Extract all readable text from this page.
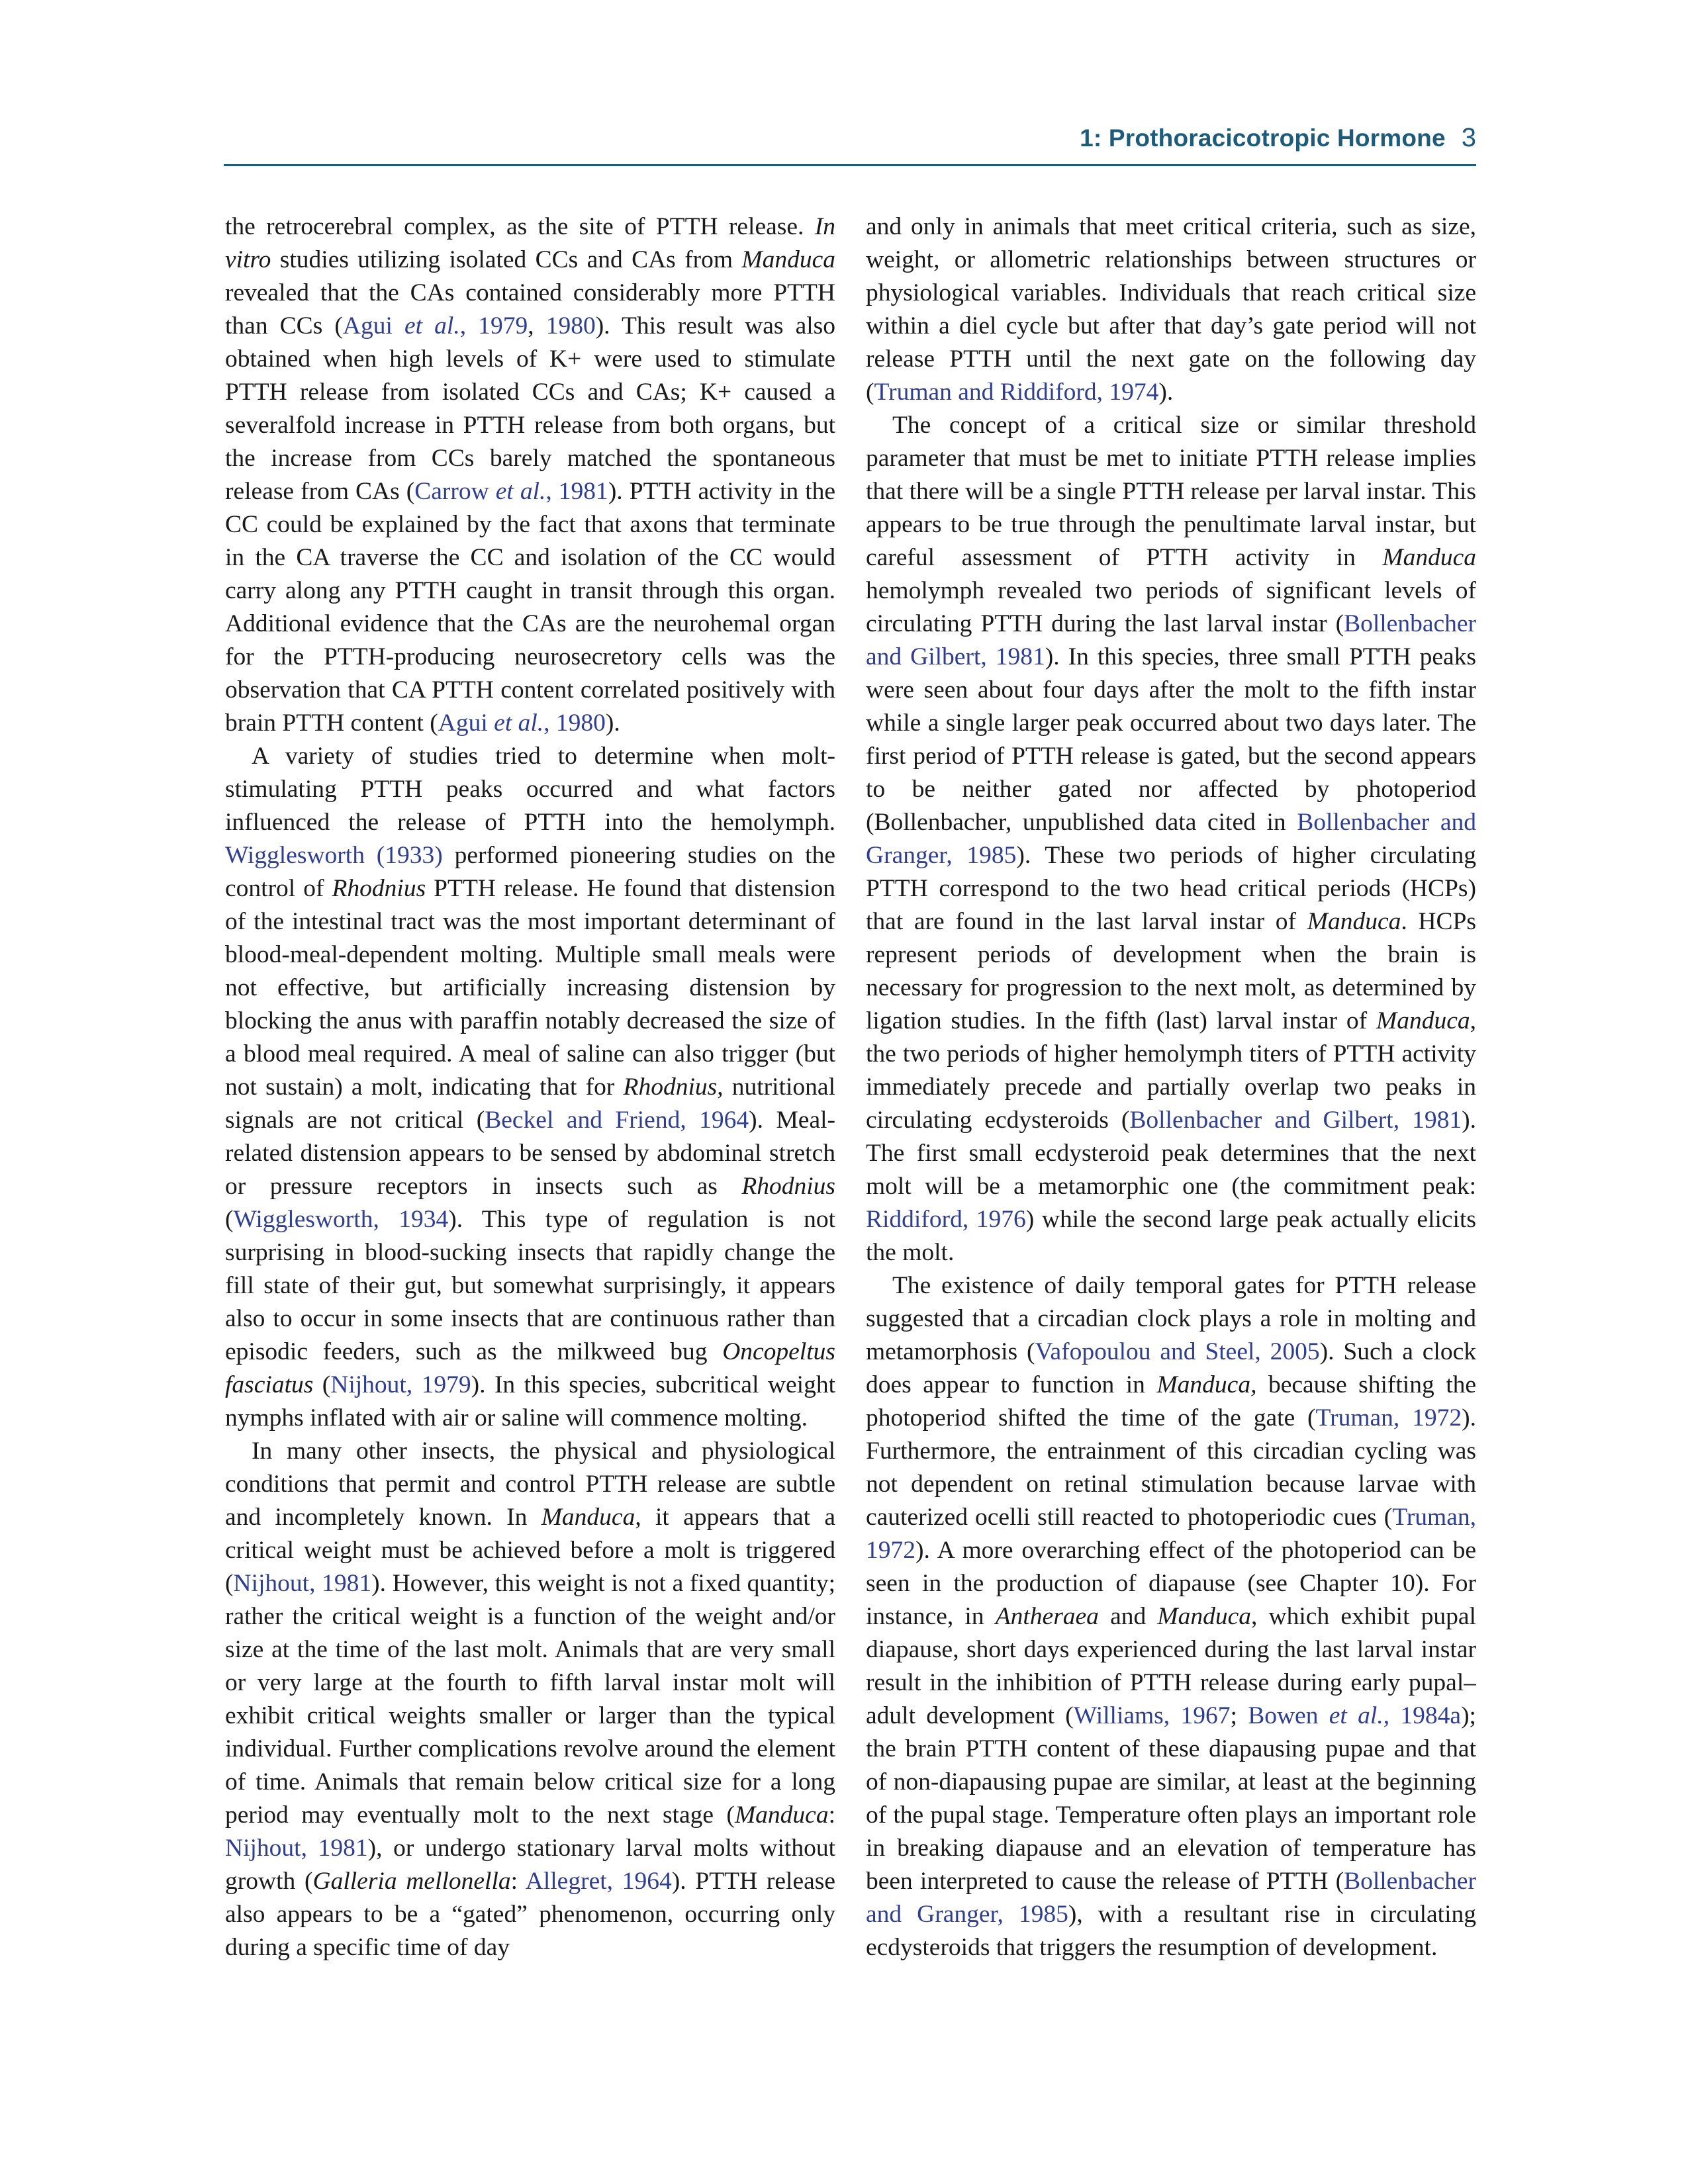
1: Prothoracicotropic Hormone 3

the retrocerebral complex, as the site of PTTH release. In vitro studies utilizing isolated CCs and CAs from Manduca revealed that the CAs contained considerably more PTTH than CCs (Agui et al., 1979, 1980). This result was also obtained when high levels of K+ were used to stimulate PTTH release from isolated CCs and CAs; K+ caused a severalfold increase in PTTH release from both organs, but the increase from CCs barely matched the spontaneous release from CAs (Carrow et al., 1981). PTTH activity in the CC could be explained by the fact that axons that terminate in the CA traverse the CC and isolation of the CC would carry along any PTTH caught in transit through this organ. Additional evidence that the CAs are the neurohemal organ for the PTTH-producing neurosecretory cells was the observation that CA PTTH content correlated positively with brain PTTH content (Agui et al., 1980).

A variety of studies tried to determine when molt-stimulating PTTH peaks occurred and what factors influenced the release of PTTH into the hemolymph. Wigglesworth (1933) performed pioneering studies on the control of Rhodnius PTTH release. He found that distension of the intestinal tract was the most important determinant of blood-meal-dependent molting. Multiple small meals were not effective, but artificially increasing distension by blocking the anus with paraffin notably decreased the size of a blood meal required. A meal of saline can also trigger (but not sustain) a molt, indicating that for Rhodnius, nutritional signals are not critical (Beckel and Friend, 1964). Meal-related distension appears to be sensed by abdominal stretch or pressure receptors in insects such as Rhodnius (Wigglesworth, 1934). This type of regulation is not surprising in blood-sucking insects that rapidly change the fill state of their gut, but somewhat surprisingly, it appears also to occur in some insects that are continuous rather than episodic feeders, such as the milkweed bug Oncopeltus fasciatus (Nijhout, 1979). In this species, subcritical weight nymphs inflated with air or saline will commence molting.

In many other insects, the physical and physiological conditions that permit and control PTTH release are subtle and incompletely known. In Manduca, it appears that a critical weight must be achieved before a molt is triggered (Nijhout, 1981). However, this weight is not a fixed quantity; rather the critical weight is a function of the weight and/or size at the time of the last molt. Animals that are very small or very large at the fourth to fifth larval instar molt will exhibit critical weights smaller or larger than the typical individual. Further complications revolve around the element of time. Animals that remain below critical size for a long period may eventually molt to the next stage (Manduca: Nijhout, 1981), or undergo stationary larval molts without growth (Galleria mellonella: Allegret, 1964). PTTH release also appears to be a “gated” phenomenon, occurring only during a specific time of day

and only in animals that meet critical criteria, such as size, weight, or allometric relationships between structures or physiological variables. Individuals that reach critical size within a diel cycle but after that day’s gate period will not release PTTH until the next gate on the following day (Truman and Riddiford, 1974).

The concept of a critical size or similar threshold parameter that must be met to initiate PTTH release implies that there will be a single PTTH release per larval instar. This appears to be true through the penultimate larval instar, but careful assessment of PTTH activity in Manduca hemolymph revealed two periods of significant levels of circulating PTTH during the last larval instar (Bollenbacher and Gilbert, 1981). In this species, three small PTTH peaks were seen about four days after the molt to the fifth instar while a single larger peak occurred about two days later. The first period of PTTH release is gated, but the second appears to be neither gated nor affected by photoperiod (Bollenbacher, unpublished data cited in Bollenbacher and Granger, 1985). These two periods of higher circulating PTTH correspond to the two head critical periods (HCPs) that are found in the last larval instar of Manduca. HCPs represent periods of development when the brain is necessary for progression to the next molt, as determined by ligation studies. In the fifth (last) larval instar of Manduca, the two periods of higher hemolymph titers of PTTH activity immediately precede and partially overlap two peaks in circulating ecdysteroids (Bollenbacher and Gilbert, 1981). The first small ecdysteroid peak determines that the next molt will be a metamorphic one (the commitment peak: Riddiford, 1976) while the second large peak actually elicits the molt.

The existence of daily temporal gates for PTTH release suggested that a circadian clock plays a role in molting and metamorphosis (Vafopoulou and Steel, 2005). Such a clock does appear to function in Manduca, because shifting the photoperiod shifted the time of the gate (Truman, 1972). Furthermore, the entrainment of this circadian cycling was not dependent on retinal stimulation because larvae with cauterized ocelli still reacted to photoperiodic cues (Truman, 1972). A more overarching effect of the photoperiod can be seen in the production of diapause (see Chapter 10). For instance, in Antheraea and Manduca, which exhibit pupal diapause, short days experienced during the last larval instar result in the inhibition of PTTH release during early pupal–adult development (Williams, 1967; Bowen et al., 1984a); the brain PTTH content of these diapausing pupae and that of non-diapausing pupae are similar, at least at the beginning of the pupal stage. Temperature often plays an important role in breaking diapause and an elevation of temperature has been interpreted to cause the release of PTTH (Bollenbacher and Granger, 1985), with a resultant rise in circulating ecdysteroids that triggers the resumption of development.
